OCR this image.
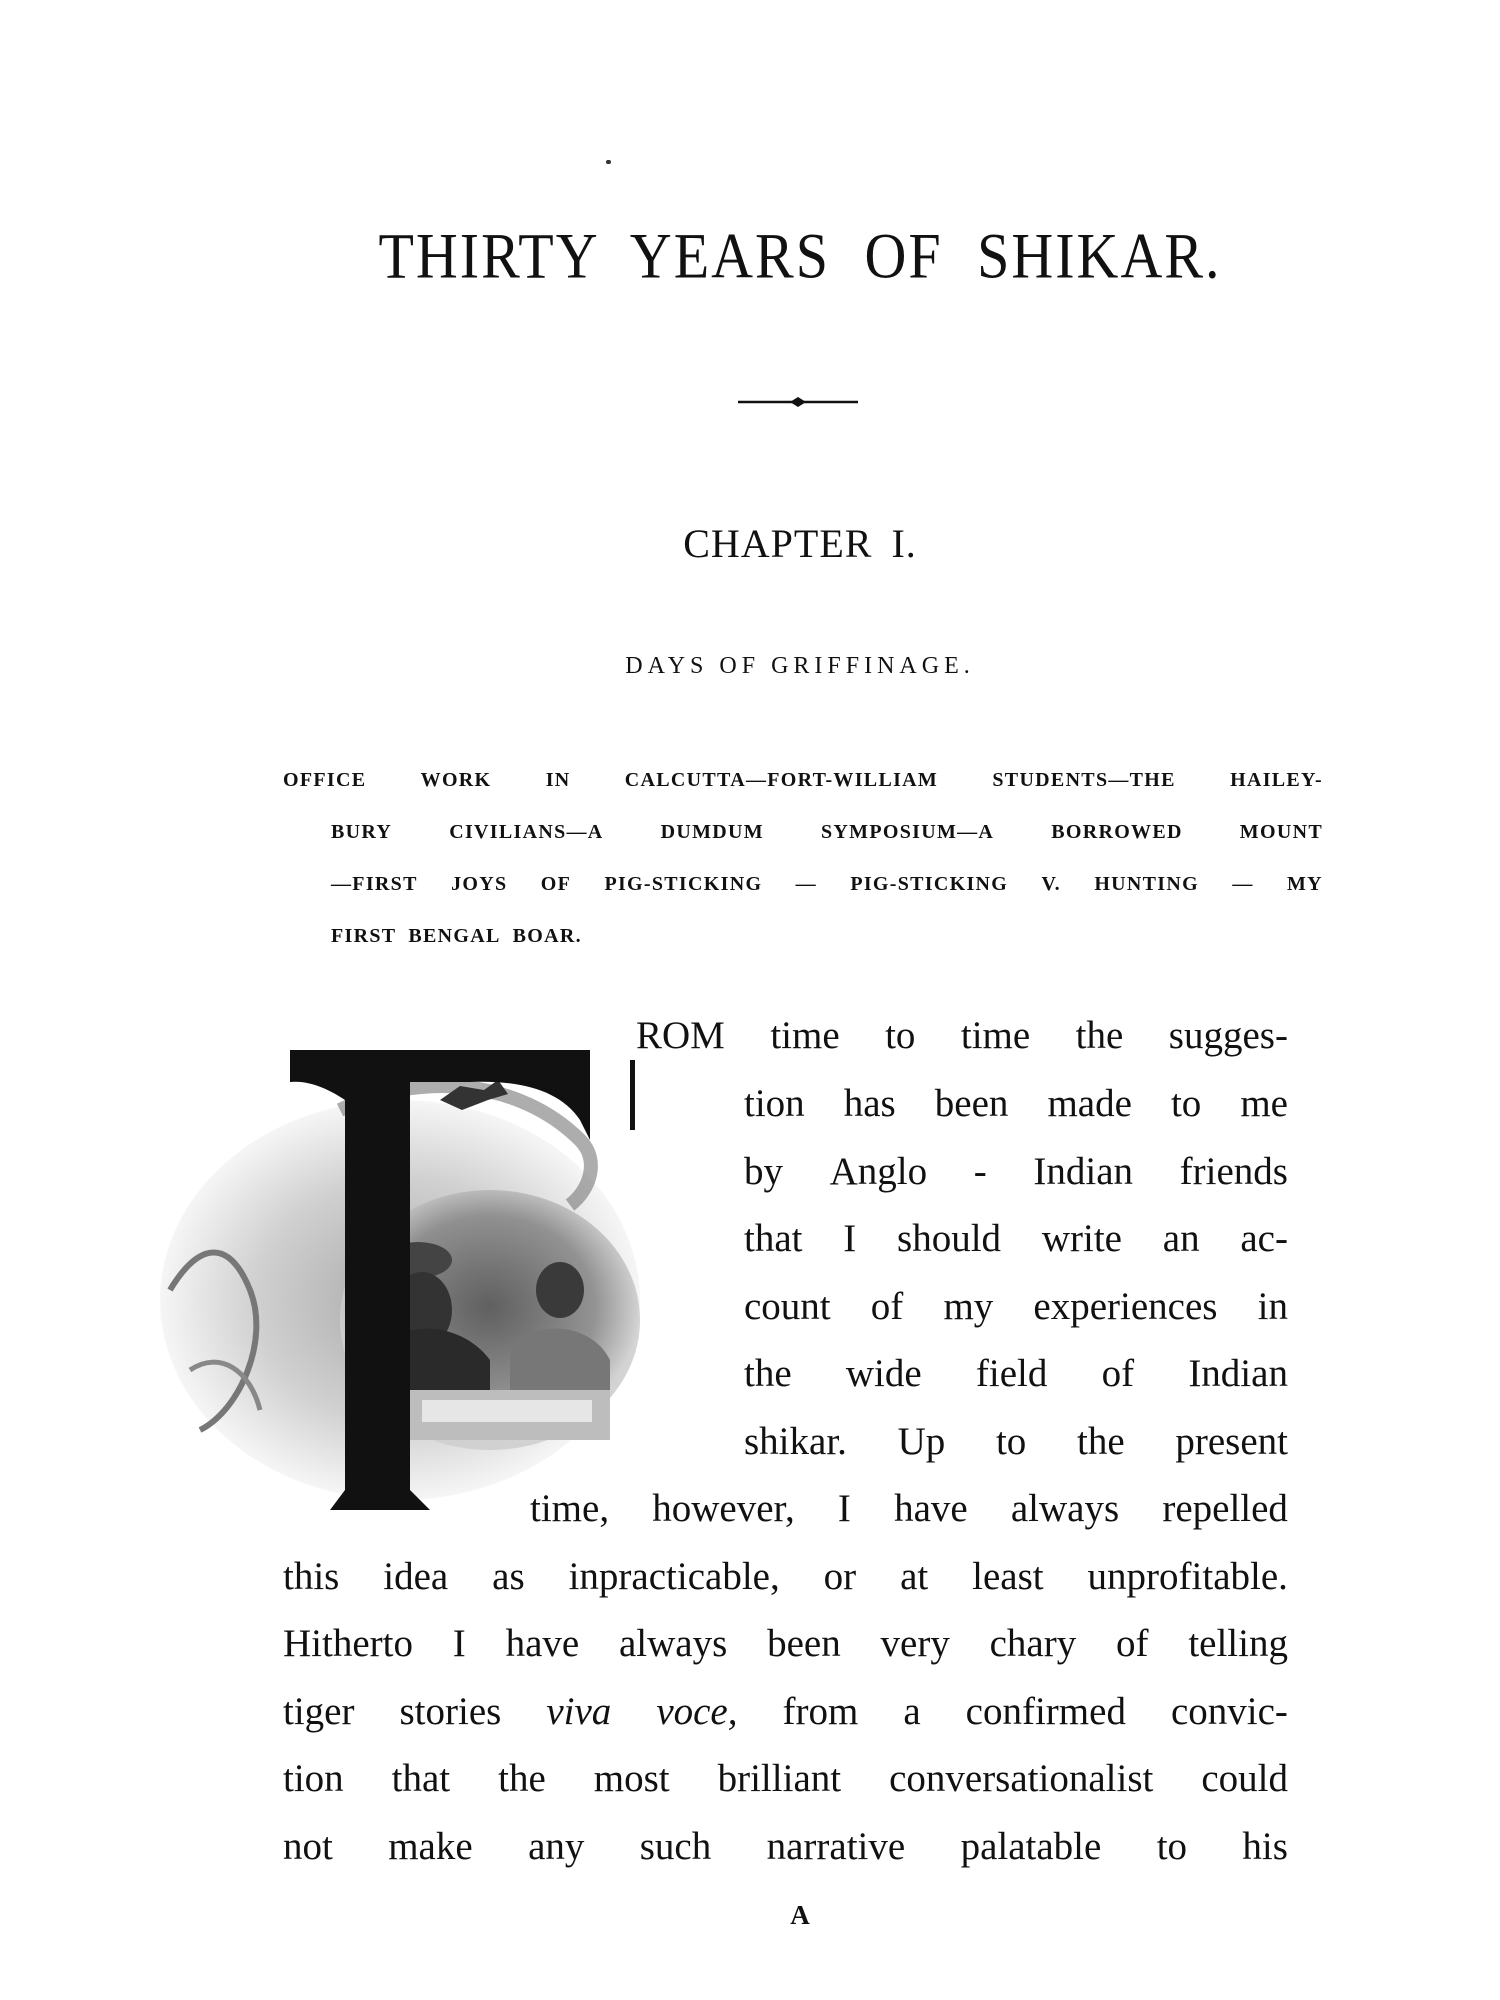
THIRTY YEARS OF SHIKAR.
CHAPTER I.
DAYS OF GRIFFINAGE.
OFFICE	WORK	IN	CALCUTTA—FORT-WILLIAM	STUDENTS—THE	HAILEY-
BURY	CIVILIANS—A	DUMDUM	SYMPOSIUM—A	BORROWED	MOUNT
—FIRST JOYS OF PIG-STICKING — PIG-STICKING V. HUNTING — MY
FIRST BENGAL BOAR.
ROM time to time the sugges-
tion has been made to me
by Anglo - Indian friends
that I should write an ac-
count of my experiences in
the wide field of Indian
shikar. Up to the present
time, however, I have always repelled
this idea as inpracticable, or at least unprofitable.
Hitherto I have always been very chary of telling
tiger stories viva voce, from a confirmed convic-
tion that the most brilliant conversationalist could
not make any such narrative palatable to his
A
